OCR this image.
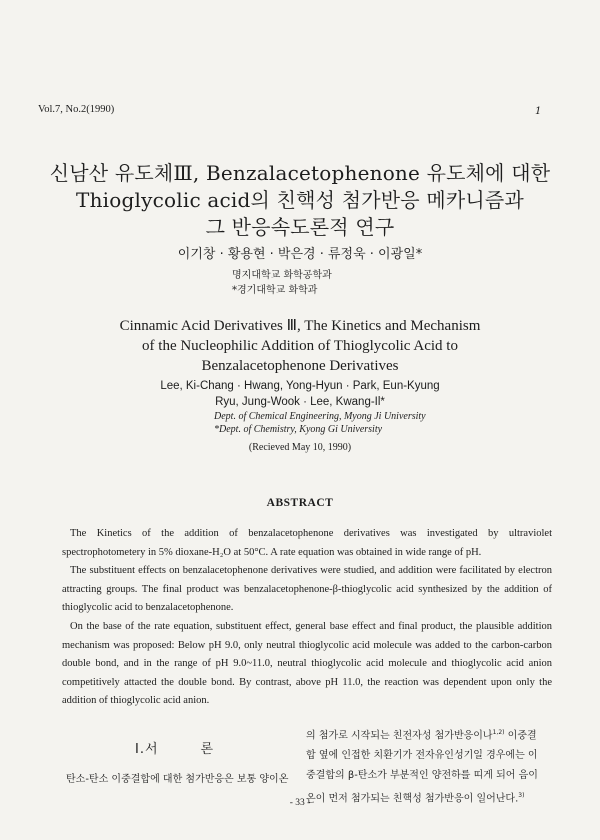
Vol.7, No.2(1990)	1
신남산 유도체Ⅲ, Benzalacetophenone 유도체에 대한
Thioglycolic acid의 친핵성 첨가반응 메카니즘과
그 반응속도론적 연구
이기창 · 황용현 · 박은경 · 류정욱 · 이광일*
명지대학교 화학공학과
*경기대학교 화학과
Cinnamic Acid Derivatives Ⅲ, The Kinetics and Mechanism
of the Nucleophilic Addition of Thioglycolic Acid to
Benzalacetophenone Derivatives
Lee, Ki-Chang · Hwang, Yong-Hyun · Park, Eun-Kyung
Ryu, Jung-Wook · Lee, Kwang-Il*
Dept. of Chemical Engineering, Myong Ji University
*Dept. of Chemistry, Kyong Gi University
(Recieved May 10, 1990)
ABSTRACT

The Kinetics of the addition of benzalacetophenone derivatives was investigated by ultraviolet spectrophotometery in 5% dioxane-H₂O at 50°C. A rate equation was obtained in wide range of pH.

The substituent effects on benzalacetophenone derivatives were studied, and addition were facilitated by electron attracting groups. The final product was benzalacetophenone-β-thioglycolic acid synthesized by the addition of thioglycolic acid to benzalacetophenone.

On the base of the rate equation, substituent effect, general base effect and final product, the plausible addition mechanism was proposed: Below pH 9.0, only neutral thioglycolic acid molecule was added to the carbon-carbon double bond, and in the range of pH 9.0~11.0, neutral thioglycolic acid molecule and thioglycolic acid anion competitively attacted the double bond. By contrast, above pH 11.0, the reaction was dependent upon only the addition of thioglycolic acid anion.

Ⅰ.서	론
탄소-탄소 이중결합에 대한 첨가반응은 보통 양이온
의 첨가로 시작되는 친전자성 첨가반응이나$^{1,2)}$ 이중결
합 옆에 인접한 치환기가 전자유인성기일 경우에는 이
중결합의 β-탄소가 부분적인 양전하를 띠게 되어 음이
온이 먼저 첨가되는 친핵성 첨가반응이 일어난다.$^{3)}$
- 33 -
